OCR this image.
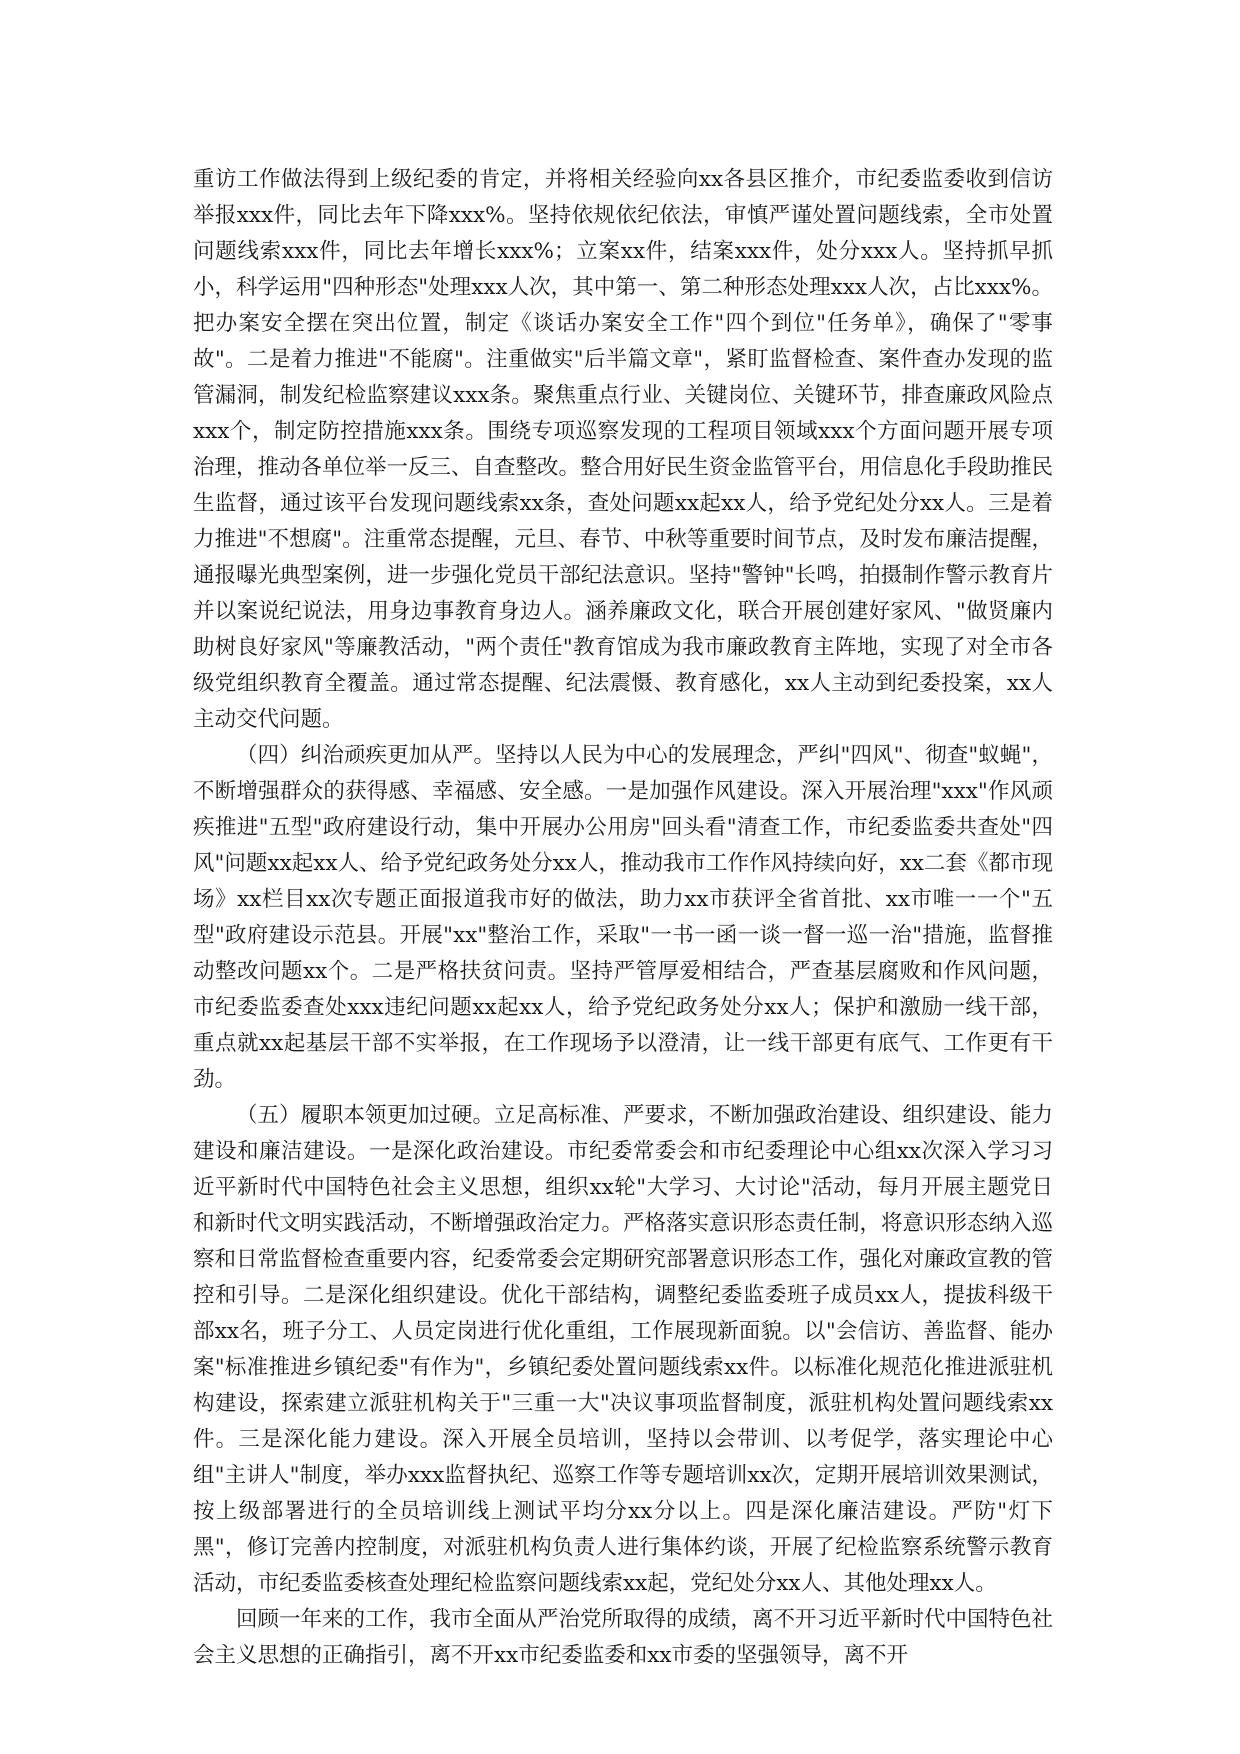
重访工作做法得到上级纪委的肯定，并将相关经验向xx各县区推介，市纪委监委收到信访举报xxx件，同比去年下降xxx%。坚持依规依纪依法，审慎严谨处置问题线索，全市处置问题线索xxx件，同比去年增长xxx%；立案xx件，结案xxx件，处分xxx人。坚持抓早抓小，科学运用"四种形态"处理xxx人次，其中第一、第二种形态处理xxx人次，占比xxx%。把办案安全摆在突出位置，制定《谈话办案安全工作"四个到位"任务单》，确保了"零事故"。二是着力推进"不能腐"。注重做实"后半篇文章"，紧盯监督检查、案件查办发现的监管漏洞，制发纪检监察建议xxx条。聚焦重点行业、关键岗位、关键环节，排查廉政风险点xxx个，制定防控措施xxx条。围绕专项巡察发现的工程项目领域xxx个方面问题开展专项治理，推动各单位举一反三、自查整改。整合用好民生资金监管平台，用信息化手段助推民生监督，通过该平台发现问题线索xx条，查处问题xx起xx人，给予党纪处分xx人。三是着力推进"不想腐"。注重常态提醒，元旦、春节、中秋等重要时间节点，及时发布廉洁提醒，通报曝光典型案例，进一步强化党员干部纪法意识。坚持"警钟"长鸣，拍摄制作警示教育片并以案说纪说法，用身边事教育身边人。涵养廉政文化，联合开展创建好家风、"做贤廉内助树良好家风"等廉教活动，"两个责任"教育馆成为我市廉政教育主阵地，实现了对全市各级党组织教育全覆盖。通过常态提醒、纪法震慑、教育感化，xx人主动到纪委投案，xx人主动交代问题。

（四）纠治顽疾更加从严。坚持以人民为中心的发展理念，严纠"四风"、彻查"蚁蝇"，不断增强群众的获得感、幸福感、安全感。一是加强作风建设。深入开展治理"xxx"作风顽疾推进"五型"政府建设行动，集中开展办公用房"回头看"清查工作，市纪委监委共查处"四风"问题xx起xx人、给予党纪政务处分xx人，推动我市工作作风持续向好，xx二套《都市现场》xx栏目xx次专题正面报道我市好的做法，助力xx市获评全省首批、xx市唯一一个"五型"政府建设示范县。开展"xx"整治工作，采取"一书一函一谈一督一巡一治"措施，监督推动整改问题xx个。二是严格扶贫问责。坚持严管厚爱相结合，严查基层腐败和作风问题，市纪委监委查处xxx违纪问题xx起xx人，给予党纪政务处分xx人；保护和激励一线干部，重点就xx起基层干部不实举报，在工作现场予以澄清，让一线干部更有底气、工作更有干劲。

（五）履职本领更加过硬。立足高标准、严要求，不断加强政治建设、组织建设、能力建设和廉洁建设。一是深化政治建设。市纪委常委会和市纪委理论中心组xx次深入学习习近平新时代中国特色社会主义思想，组织xx轮"大学习、大讨论"活动，每月开展主题党日和新时代文明实践活动，不断增强政治定力。严格落实意识形态责任制，将意识形态纳入巡察和日常监督检查重要内容，纪委常委会定期研究部署意识形态工作，强化对廉政宣教的管控和引导。二是深化组织建设。优化干部结构，调整纪委监委班子成员xx人，提拔科级干部xx名，班子分工、人员定岗进行优化重组，工作展现新面貌。以"会信访、善监督、能办案"标准推进乡镇纪委"有作为"，乡镇纪委处置问题线索xx件。以标准化规范化推进派驻机构建设，探索建立派驻机构关于"三重一大"决议事项监督制度，派驻机构处置问题线索xx件。三是深化能力建设。深入开展全员培训，坚持以会带训、以考促学，落实理论中心组"主讲人"制度，举办xxx监督执纪、巡察工作等专题培训xx次，定期开展培训效果测试，按上级部署进行的全员培训线上测试平均分xx分以上。四是深化廉洁建设。严防"灯下黑"，修订完善内控制度，对派驻机构负责人进行集体约谈，开展了纪检监察系统警示教育活动，市纪委监委核查处理纪检监察问题线索xx起，党纪处分xx人、其他处理xx人。

回顾一年来的工作，我市全面从严治党所取得的成绩，离不开习近平新时代中国特色社会主义思想的正确指引，离不开xx市纪委监委和xx市委的坚强领导，离不开
